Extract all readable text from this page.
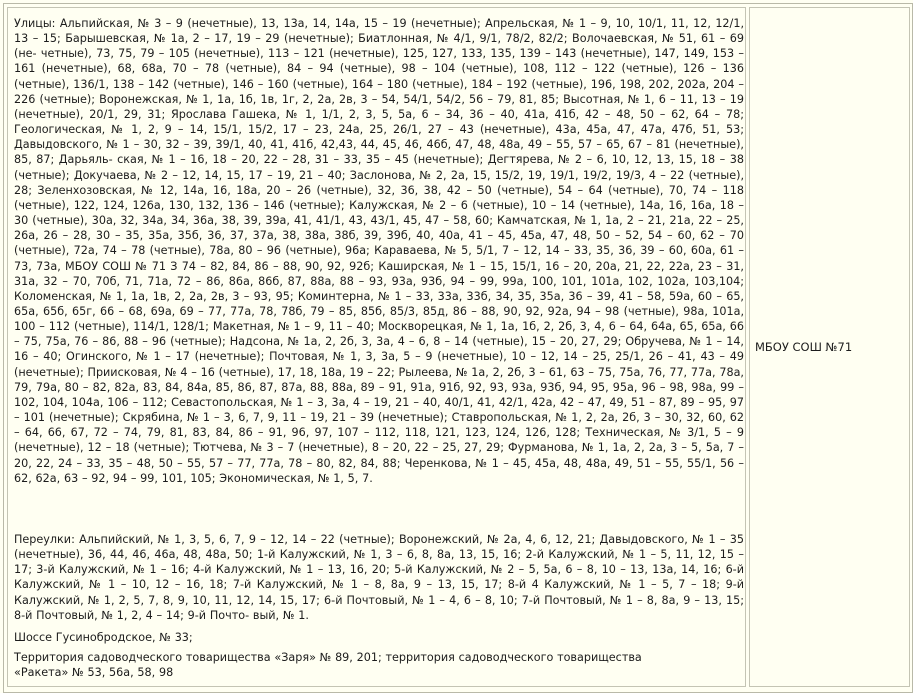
Улицы: Альпийская, № 3 – 9 (нечетные), 13, 13а, 14, 14а, 15 – 19 (нечетные); Апрельская, № 1 – 9, 10, 10/1, 11, 12, 12/1, 13 – 15; Барышевская, № 1а, 2 – 17, 19 – 29 (нечетные); Биатлонная, № 4/1, 9/1, 78/2, 82/2; Волочаевская, № 51, 61 – 69 (не- четные), 73, 75, 79 – 105 (нечетные), 113 – 121 (нечетные), 125, 127, 133, 135, 139 – 143 (нечетные), 147, 149, 153 – 161 (нечетные), 68, 68а, 70 – 78 (четные), 84 – 94 (четные), 98 – 104 (четные), 108, 112 – 122 (четные), 126 – 136 (четные), 136/1, 138 – 142 (четные), 146 – 160 (четные), 164 – 180 (четные), 184 – 192 (четные), 196, 198, 202, 202а, 204 – 226 (четные); Воронежская, № 1, 1а, 1б, 1в, 1г, 2, 2а, 2в, 3 – 54, 54/1, 54/2, 56 – 79, 81, 85; Высотная, № 1, 6 – 11, 13 – 19 (нечетные), 20/1, 29, 31; Ярослава Гашека, № 1, 1/1, 2, 3, 5, 5а, 6 – 34, 36 – 40, 41а, 41б, 42 – 48, 50 – 62, 64 – 78; Геологическая, № 1, 2, 9 – 14, 15/1, 15/2, 17 – 23, 24а, 25, 26/1, 27 – 43 (нечетные), 43а, 45а, 47, 47а, 47б, 51, 53; Давыдовского, № 1 – 30, 32 – 39, 39/1, 40, 41, 41б, 42,43, 44, 45, 46, 46б, 47, 48, 48а, 49 – 55, 57 – 65, 67 – 81 (нечетные), 85, 87; Дарьяль- ская, № 1 – 16, 18 – 20, 22 – 28, 31 – 33, 35 – 45 (нечетные); Дегтярева, № 2 – 6, 10, 12, 13, 15, 18 – 38 (четные); Докучаева, № 2 – 12, 14, 15, 17 – 19, 21 – 40; Заслонова, № 2, 2а, 15, 15/2, 19, 19/1, 19/2, 19/3, 4 – 22 (четные), 28; Зеленхозовская, № 12, 14а, 16, 18а, 20 – 26 (четные), 32, 36, 38, 42 – 50 (четные), 54 – 64 (четные), 70, 74 – 118 (четные), 122, 124, 126а, 130, 132, 136 – 146 (четные); Калужская, № 2 – 6 (четные), 10 – 14 (четные), 14а, 16, 16а, 18 – 30 (четные), 30а, 32, 34а, 34, 36а, 38, 39, 39а, 41, 41/1, 43, 43/1, 45, 47 – 58, 60; Камчатская, № 1, 1а, 2 – 21, 21а, 22 – 25, 26а, 26 – 28, 30 – 35, 35а, 35б, 36, 37, 37а, 38, 38а, 38б, 39, 39б, 40, 40а, 41 – 45, 45а, 47, 48, 50 – 52, 54 – 60, 62 – 70 (четные), 72а, 74 – 78 (четные), 78а, 80 – 96 (четные), 96а; Караваева, № 5, 5/1, 7 – 12, 14 – 33, 35, 36, 39 – 60, 60а, 61 – 73, 73а, МБОУ СОШ № 71 З 74 – 82, 84, 86 – 88, 90, 92, 92б; Каширская, № 1 – 15, 15/1, 16 – 20, 20а, 21, 22, 22а, 23 – 31, 31а, 32 – 70, 70б, 71, 71а, 72 – 86, 86а, 86б, 87, 88а, 88 – 93, 93а, 93б, 94 – 99, 99а, 100, 101, 101а, 102, 102а, 103,104; Коломенская, № 1, 1а, 1в, 2, 2а, 2в, 3 – 93, 95; Коминтерна, № 1 – 33, 33а, 33б, 34, 35, 35а, 36 – 39, 41 – 58, 59а, 60 – 65, 65а, 65б, 65г, 66 – 68, 69а, 69 – 77, 77а, 78, 78б, 79 – 85, 85б, 85/3, 85д, 86 – 88, 90, 92, 92а, 94 – 98 (четные), 98а, 101а, 100 – 112 (четные), 114/1, 128/1; Макетная, № 1 – 9, 11 – 40; Москворецкая, № 1, 1а, 1б, 2, 2б, 3, 4, 6 – 64, 64а, 65, 65а, 66 – 75, 75а, 76 – 86, 88 – 96 (четные); Надсона, № 1а, 2, 2б, 3, 3а, 4 – 6, 8 – 14 (четные), 15 – 20, 27, 29; Обручева, № 1 – 14, 16 – 40; Огинского, № 1 – 17 (нечетные); Почтовая, № 1, 3, 3а, 5 – 9 (нечетные), 10 – 12, 14 – 25, 25/1, 26 – 41, 43 – 49 (нечетные); Приисковая, № 4 – 16 (четные), 17, 18, 18а, 19 – 22; Рылеева, № 1а, 2, 2б, 3 – 61, 63 – 75, 75а, 76, 77, 77а, 78а, 79, 79а, 80 – 82, 82а, 83, 84, 84а, 85, 86, 87, 87а, 88, 88а, 89 – 91, 91а, 91б, 92, 93, 93а, 93б, 94, 95, 95а, 96 – 98, 98а, 99 – 102, 104, 104а, 106 – 112; Севастопольская, № 1 – 3, 3а, 4 – 19, 21 – 40, 40/1, 41, 42/1, 42а, 42 – 47, 49, 51 – 87, 89 – 95, 97 – 101 (нечетные); Скрябина, № 1 – 3, 6, 7, 9, 11 – 19, 21 – 39 (нечетные); Ставропольская, № 1, 2, 2а, 2б, 3 – 30, 32, 60, 62 – 64, 66, 67, 72 – 74, 79, 81, 83, 84, 86 – 91, 96, 97, 107 – 112, 118, 121, 123, 124, 126, 128; Техническая, № 3/1, 5 – 9 (нечетные), 12 – 18 (четные); Тютчева, № 3 – 7 (нечетные), 8 – 20, 22 – 25, 27, 29; Фурманова, № 1, 1а, 2, 2а, 3 – 5, 5а, 7 – 20, 22, 24 – 33, 35 – 48, 50 – 55, 57 – 77, 77а, 78 – 80, 82, 84, 88; Черенкова, № 1 – 45, 45а, 48, 48а, 49, 51 – 55, 55/1, 56 – 62, 62а, 63 – 92, 94 – 99, 101, 105; Экономическая, № 1, 5, 7.

Переулки: Альпийский, № 1, 3, 5, 6, 7, 9 – 12, 14 – 22 (четные); Воронежский, № 2а, 4, 6, 12, 21; Давыдовского, № 1 – 35 (нечетные), 36, 44, 46, 46а, 48, 48а, 50; 1-й Калужский, № 1, 3 – 6, 8, 8а, 13, 15, 16; 2-й Калужский, № 1 – 5, 11, 12, 15 – 17; 3-й Калужский, № 1 – 16; 4-й Калужский, № 1 – 13, 16, 20; 5-й Калужский, № 2 – 5, 5а, 6 – 8, 10 – 13, 13а, 14, 16; 6-й Калужский, № 1 – 10, 12 – 16, 18; 7-й Калужский, № 1 – 8, 8а, 9 – 13, 15, 17; 8-й 4 Калужский, № 1 – 5, 7 – 18; 9-й Калужский, № 1, 2, 5, 7, 8, 9, 10, 11, 12, 14, 15, 17; 6-й Почтовый, № 1 – 4, 6 – 8, 10; 7-й Почтовый, № 1 – 8, 8а, 9 – 13, 15; 8-й Почтовый, № 1, 2, 4 – 14; 9-й Почто- вый, № 1.

Шоссе Гусинобродское, № 33;

Территория садоводческого товарищества «Заря» № 89, 201; территория садоводческого товарищества «Ракета» № 53, 56а, 58, 98

МБОУ СОШ №71
